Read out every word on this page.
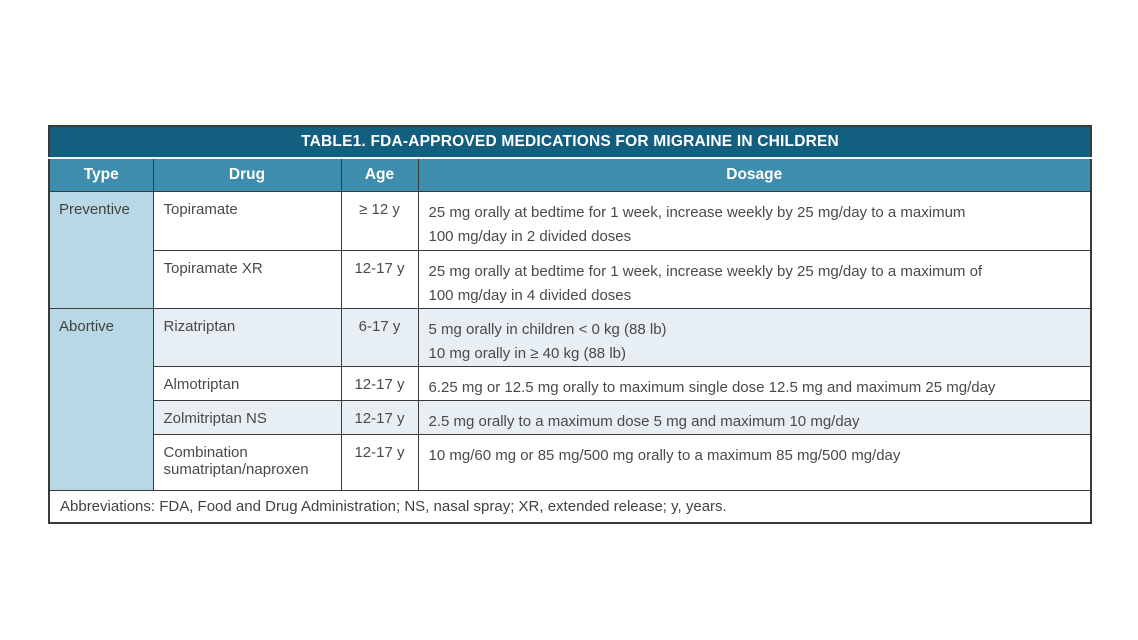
TABLE1. FDA-APPROVED MEDICATIONS FOR MIGRAINE IN CHILDREN			
Type	Drug	Age	Dosage
Preventive	Topiramate	≥ 12 y	25 mg orally at bedtime for 1 week, increase weekly by 25 mg/day to a maximum
100 mg/day in 2 divided doses

	Topiramate XR	12-17 y	25 mg orally at bedtime for 1 week, increase weekly by 25 mg/day to a maximum of
100 mg/day in 4 divided doses

Abortive	Rizatriptan	6-17 y	5 mg orally in children < 0 kg (88 lb)
10 mg orally in ≥ 40 kg (88 lb)

	Almotriptan	12-17 y	6.25 mg or 12.5 mg orally to maximum single dose 12.5 mg and maximum 25 mg/day

	Zolmitriptan NS	12-17 y	2.5 mg orally to a maximum dose 5 mg and maximum 10 mg/day

	Combination sumatriptan/naproxen	12-17 y	10 mg/60 mg or 85 mg/500 mg orally to a maximum 85 mg/500 mg/day

Abbreviations: FDA, Food and Drug Administration; NS, nasal spray; XR, extended release; y, years.			
